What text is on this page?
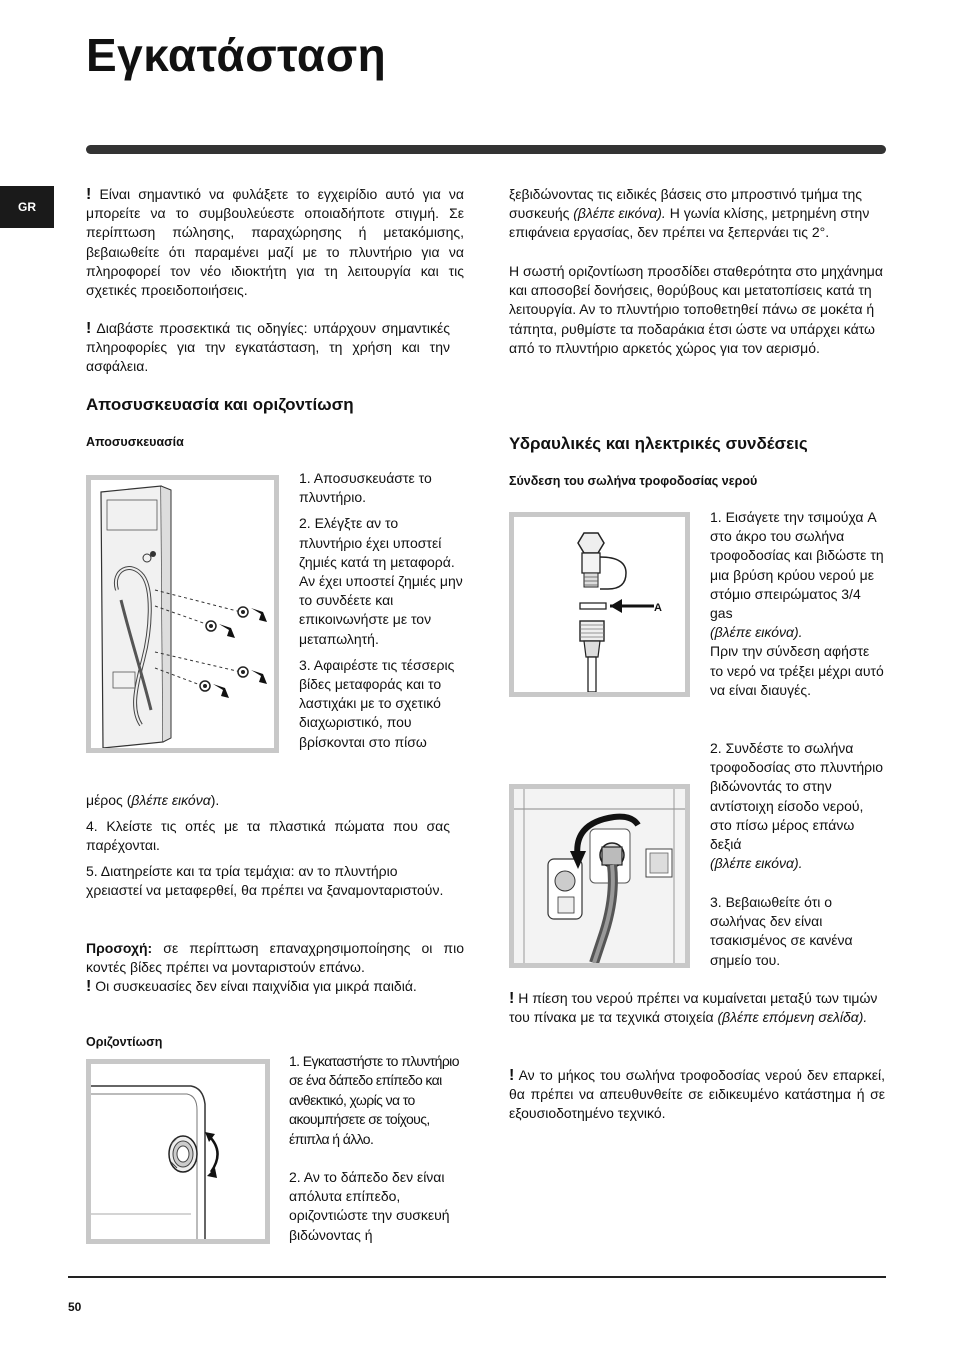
Εγκατάσταση
GR
! Είναι σημαντικό να φυλάξετε το εγχειρίδιο αυτό για να μπορείτε να το συμβουλεύεστε οποιαδήποτε στιγμή. Σε περίπτωση πώλησης, παραχώρησης ή μετακόμισης, βεβαιωθείτε ότι παραμένει μαζί με το πλυντήριο για να πληροφορεί τον νέο ιδιοκτήτη για τη λειτουργία και τις σχετικές προειδοποιήσεις.
! Διαβάστε προσεκτικά τις οδηγίες: υπάρχουν σημαντικές πληροφορίες για την εγκατάσταση, τη χρήση και την ασφάλεια.
Αποσυσκευασία και οριζοντίωση
Αποσυσκευασία

1. Αποσυσκευάστε το πλυντήριο.

2. Ελέγξτε αν το πλυντήριο έχει υποστεί ζημιές κατά τη μεταφορά. Αν έχει υποστεί ζημιές μην το συνδέετε και επικοινωνήστε με τον μεταπωλητή.

3. Αφαιρέστε τις τέσσερις βίδες μεταφοράς και το λαστιχάκι με το σχετικό διαχωριστικό, που βρίσκονται στο πίσω

μέρος (βλέπε εικόνα).
4. Κλείστε τις οπές με τα πλαστικά πώματα που σας παρέχονται.
5. Διατηρείστε και τα τρία τεμάχια: αν το πλυντήριο χρειαστεί να μεταφερθεί, θα πρέπει να ξαναμονταριστούν.
Προσοχή: σε περίπτωση επαναχρησιμοποίησης οι πιο κοντές βίδες πρέπει να μονταριστούν επάνω.
! Οι συσκευασίες δεν είναι παιχνίδια για μικρά παιδιά.
Οριζοντίωση
1. Εγκαταστήστε το πλυντήριο σε ένα δάπεδο επίπεδο και ανθεκτικό, χωρίς να το ακουμπήσετε σε τοίχους, έπιπλα ή άλλο.
2. Αν το δάπεδο δεν είναι απόλυτα επίπεδο, οριζοντιώστε την συσκευή βιδώνοντας ή
ξεβιδώνοντας τις ειδικές βάσεις στο μπροστινό τμήμα της συσκευής (βλέπε εικόνα). Η γωνία κλίσης, μετρημένη στην επιφάνεια εργασίας, δεν πρέπει να ξεπερνάει τις 2°.
Η σωστή οριζοντίωση προσδίδει σταθερότητα στο μηχάνημα και αποσοβεί δονήσεις, θορύβους και μετατοπίσεις κατά τη λειτουργία. Αν το πλυντήριο τοποθετηθεί πάνω σε μοκέτα ή τάπητα, ρυθμίστε τα ποδαράκια έτσι ώστε να υπάρχει κάτω από το πλυντήριο αρκετός χώρος για τον αερισμό.
Υδραυλικές και ηλεκτρικές συνδέσεις
Σύνδεση του σωλήνα τροφοδοσίας νερού
A

1. Εισάγετε την τσιμούχα A στο άκρο του σωλήνα τροφοδοσίας και βιδώστε τη μια βρύση κρύου νερού με στόμιο σπειρώματος 3/4 gas

(βλέπε εικόνα).

Πριν την σύνδεση αφήστε το νερό να τρέξει μέχρι αυτό να είναι διαυγές.

2. Συνδέστε το σωλήνα τροφοδοσίας στο πλυντήριο βιδώνοντάς το στην αντίστοιχη είσοδο νερού, στο πίσω μέρος επάνω δεξιά

(βλέπε εικόνα).

3. Βεβαιωθείτε ότι ο σωλήνας δεν είναι τσακισμένος σε κανένα σημείο του.
! Η πίεση του νερού πρέπει να κυμαίνεται μεταξύ των τιμών του πίνακα με τα τεχνικά στοιχεία (βλέπε επόμενη σελίδα).
! Αν το μήκος του σωλήνα τροφοδοσίας νερού δεν επαρκεί, θα πρέπει να απευθυνθείτε σε ειδικευμένο κατάστημα ή σε εξουσιοδοτημένο τεχνικό.
50
